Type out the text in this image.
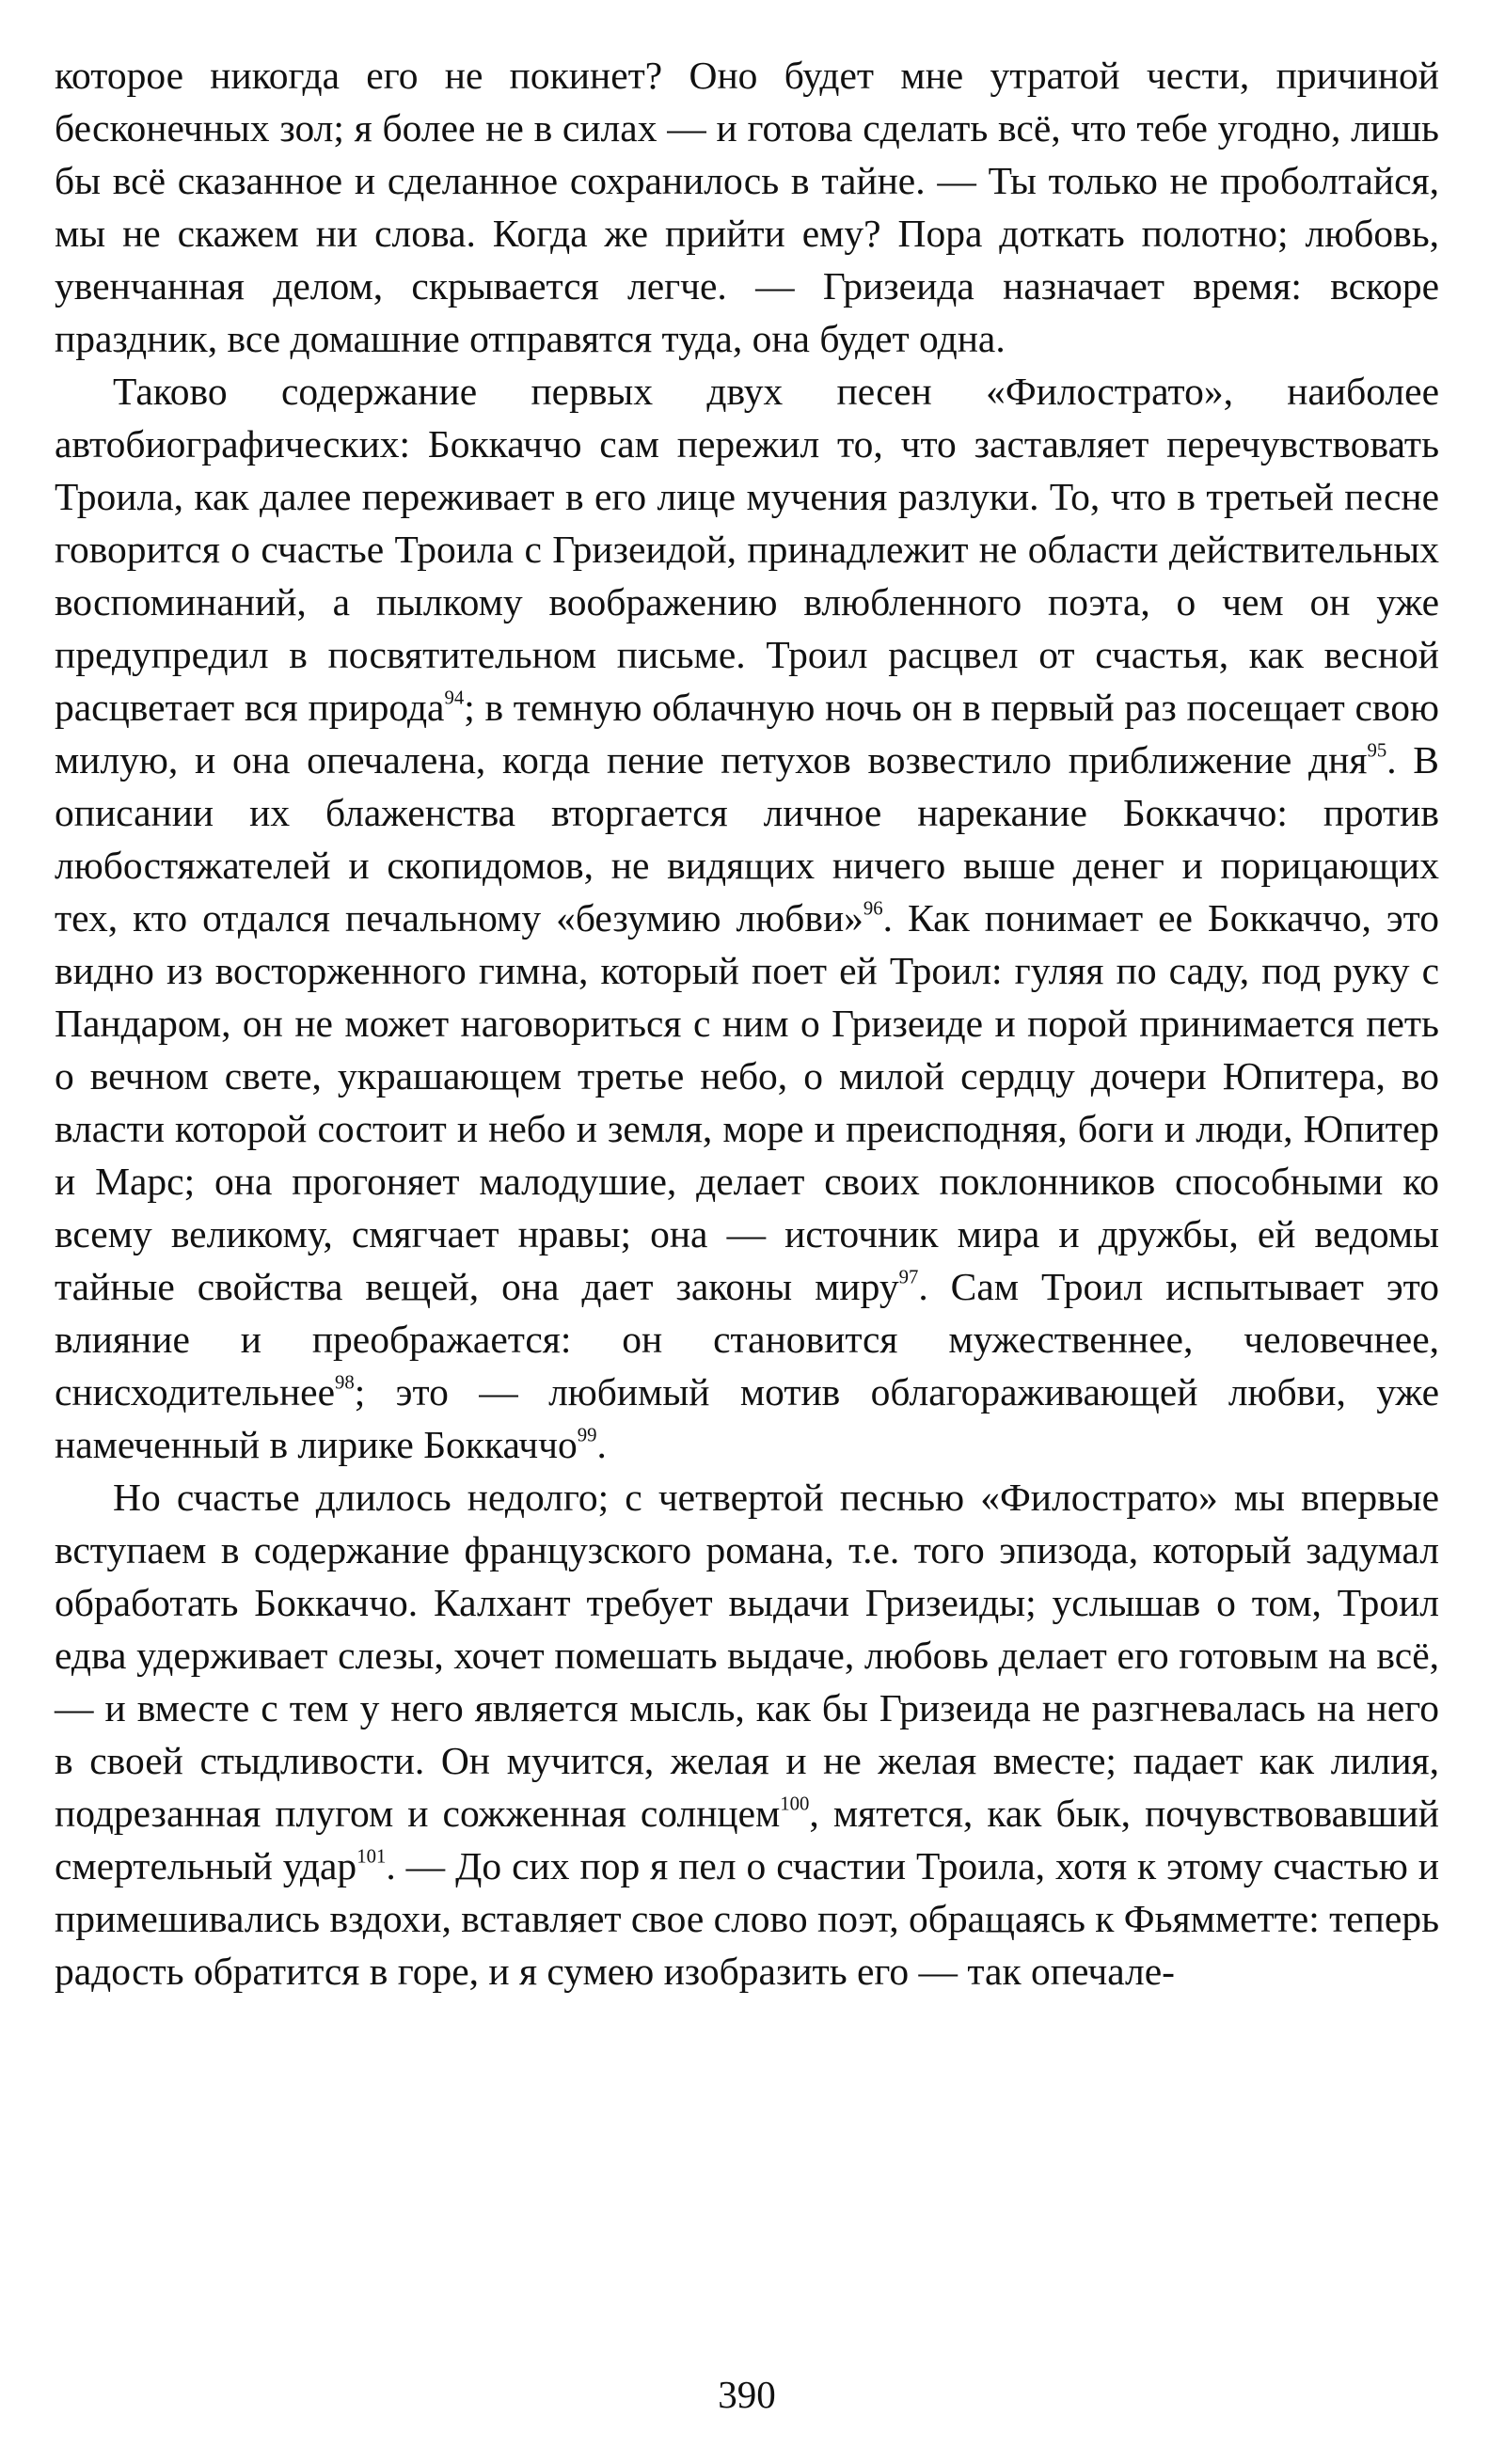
которое никогда его не покинет? Оно будет мне утратой чести, причиной бесконечных зол; я более не в силах — и готова сделать всё, что тебе угодно, лишь бы всё сказанное и сделанное сохранилось в тайне. — Ты только не проболтайся, мы не скажем ни слова. Когда же прийти ему? Пора доткать полотно; любовь, увенчанная делом, скрывается легче. — Гризеида назначает время: вскоре праздник, все домашние отправятся туда, она будет одна.

Таково содержание первых двух песен «Филострато», наиболее автобиографических: Боккаччо сам пережил то, что заставляет перечувствовать Троила, как далее переживает в его лице мучения разлуки. То, что в третьей песне говорится о счастье Троила с Гризеидой, принадлежит не области действительных воспоминаний, а пылкому воображению влюбленного поэта, о чем он уже предупредил в посвятительном письме. Троил расцвел от счастья, как весной расцветает вся природа$^{94}$; в темную облачную ночь он в первый раз посещает свою милую, и она опечалена, когда пение петухов возвестило приближение дня$^{95}$. В описании их блаженства вторгается личное нарекание Боккаччо: против любостяжателей и скопидомов, не видящих ничего выше денег и порицающих тех, кто отдался печальному «безумию любви»$^{96}$. Как понимает ее Боккаччо, это видно из восторженного гимна, который поет ей Троил: гуляя по саду, под руку с Пандаром, он не может наговориться с ним о Гризеиде и порой принимается петь о вечном свете, украшающем третье небо, о милой сердцу дочери Юпитера, во власти которой состоит и небо и земля, море и преисподняя, боги и люди, Юпитер и Марс; она прогоняет малодушие, делает своих поклонников способными ко всему великому, смягчает нравы; она — источник мира и дружбы, ей ведомы тайные свойства вещей, она дает законы миру$^{97}$. Сам Троил испытывает это влияние и преображается: он становится мужественнее, человечнее, снисходительнее$^{98}$; это — любимый мотив облагораживающей любви, уже намеченный в лирике Боккаччо$^{99}$.

Но счастье длилось недолго; с четвертой песнью «Филострато» мы впервые вступаем в содержание французского романа, т.е. того эпизода, который задумал обработать Боккаччо. Калхант требует выдачи Гризеиды; услышав о том, Троил едва удерживает слезы, хочет помешать выдаче, любовь делает его готовым на всё, — и вместе с тем у него является мысль, как бы Гризеида не разгневалась на него в своей стыдливости. Он мучится, желая и не желая вместе; падает как лилия, подрезанная плугом и сожженная солнцем$^{100}$, мятется, как бык, почувствовавший смертельный удар$^{101}$. — До сих пор я пел о счастии Троила, хотя к этому счастью и примешивались вздохи, вставляет свое слово поэт, обращаясь к Фьямметте: теперь радость обратится в горе, и я сумею изобразить его — так опечале-

390
